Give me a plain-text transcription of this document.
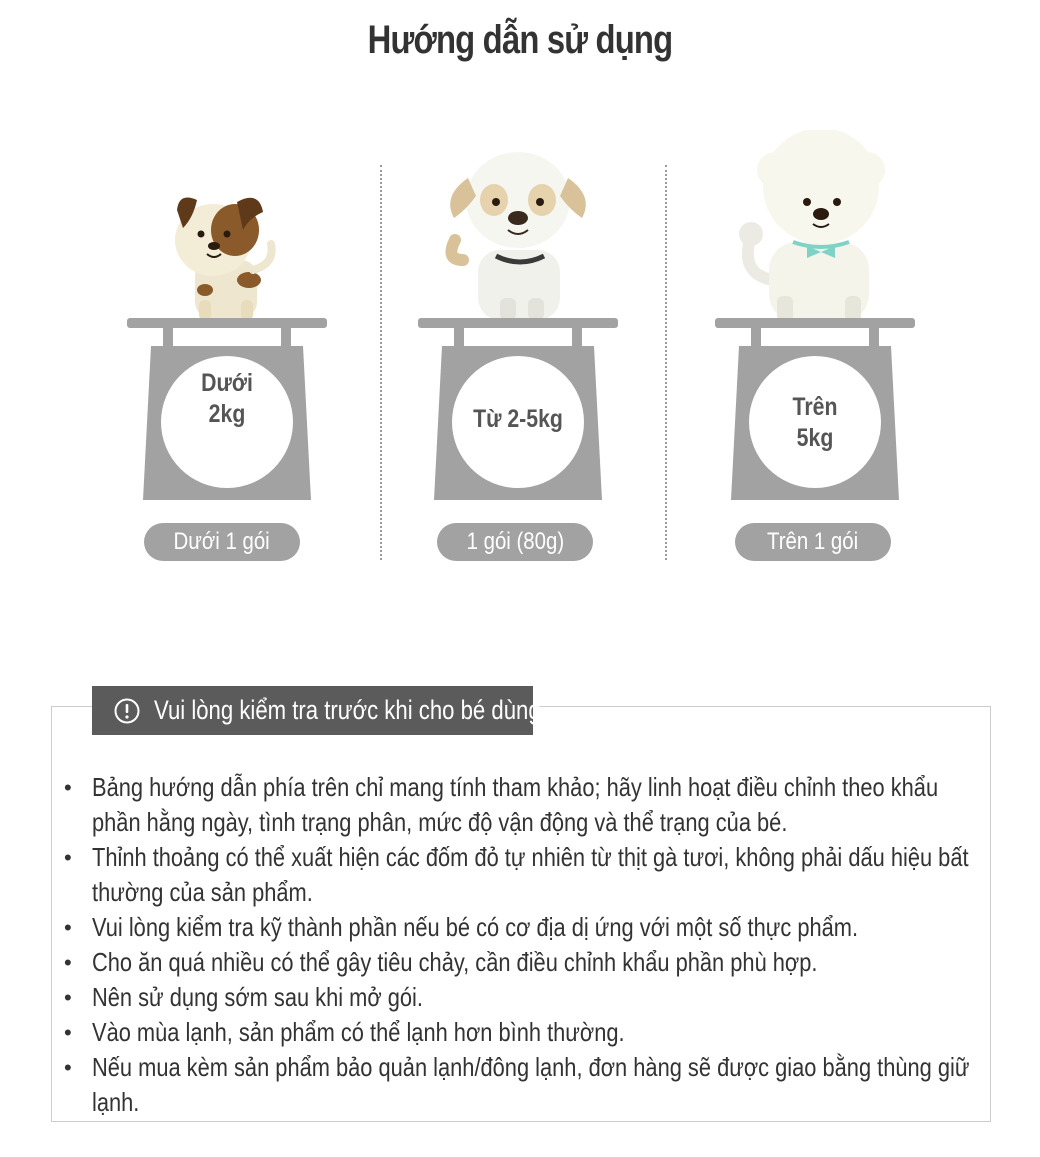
Hướng dẫn sử dụng
Dưới
2kg
Dưới 1 gói
Từ 2-5kg
1 gói (80g)
Trên
5kg
Trên 1 gói
Vui lòng kiểm tra trước khi cho bé dùng
• Bảng hướng dẫn phía trên chỉ mang tính tham khảo; hãy linh hoạt điều chỉnh theo khẩu phần hằng ngày, tình trạng phân, mức độ vận động và thể trạng của bé.
• Thỉnh thoảng có thể xuất hiện các đốm đỏ tự nhiên từ thịt gà tươi, không phải dấu hiệu bất thường của sản phẩm.
• Vui lòng kiểm tra kỹ thành phần nếu bé có cơ địa dị ứng với một số thực phẩm.
• Cho ăn quá nhiều có thể gây tiêu chảy, cần điều chỉnh khẩu phần phù hợp.
• Nên sử dụng sớm sau khi mở gói.
• Vào mùa lạnh, sản phẩm có thể lạnh hơn bình thường.
• Nếu mua kèm sản phẩm bảo quản lạnh/đông lạnh, đơn hàng sẽ được giao bằng thùng giữ lạnh.
